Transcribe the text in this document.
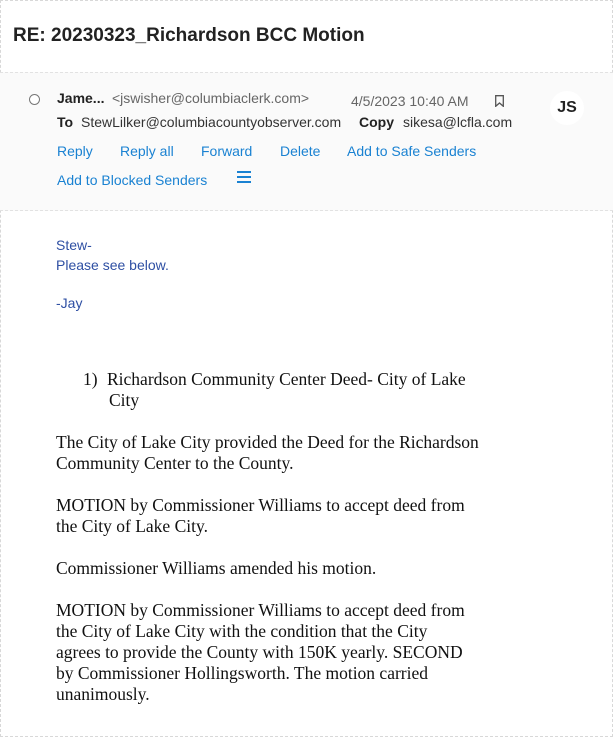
RE: 20230323_Richardson BCC Motion
Jame... <jswisher@columbiaclerk.com>	4/5/2023 10:40 AM	JS
To StewLilker@columbiacountyobserver.com Copy sikesa@lcfla.com
Reply Reply all Forward Delete Add to Safe Senders
Add to Blocked Senders
Stew-
Please see below.
-Jay
1) Richardson Community Center Deed- City of Lake
City
The City of Lake City provided the Deed for the Richardson
Community Center to the County.
MOTION by Commissioner Williams to accept deed from
the City of Lake City.
Commissioner Williams amended his motion.
MOTION by Commissioner Williams to accept deed from
the City of Lake City with the condition that the City
agrees to provide the County with 150K yearly. SECOND
by Commissioner Hollingsworth. The motion carried
unanimously.
